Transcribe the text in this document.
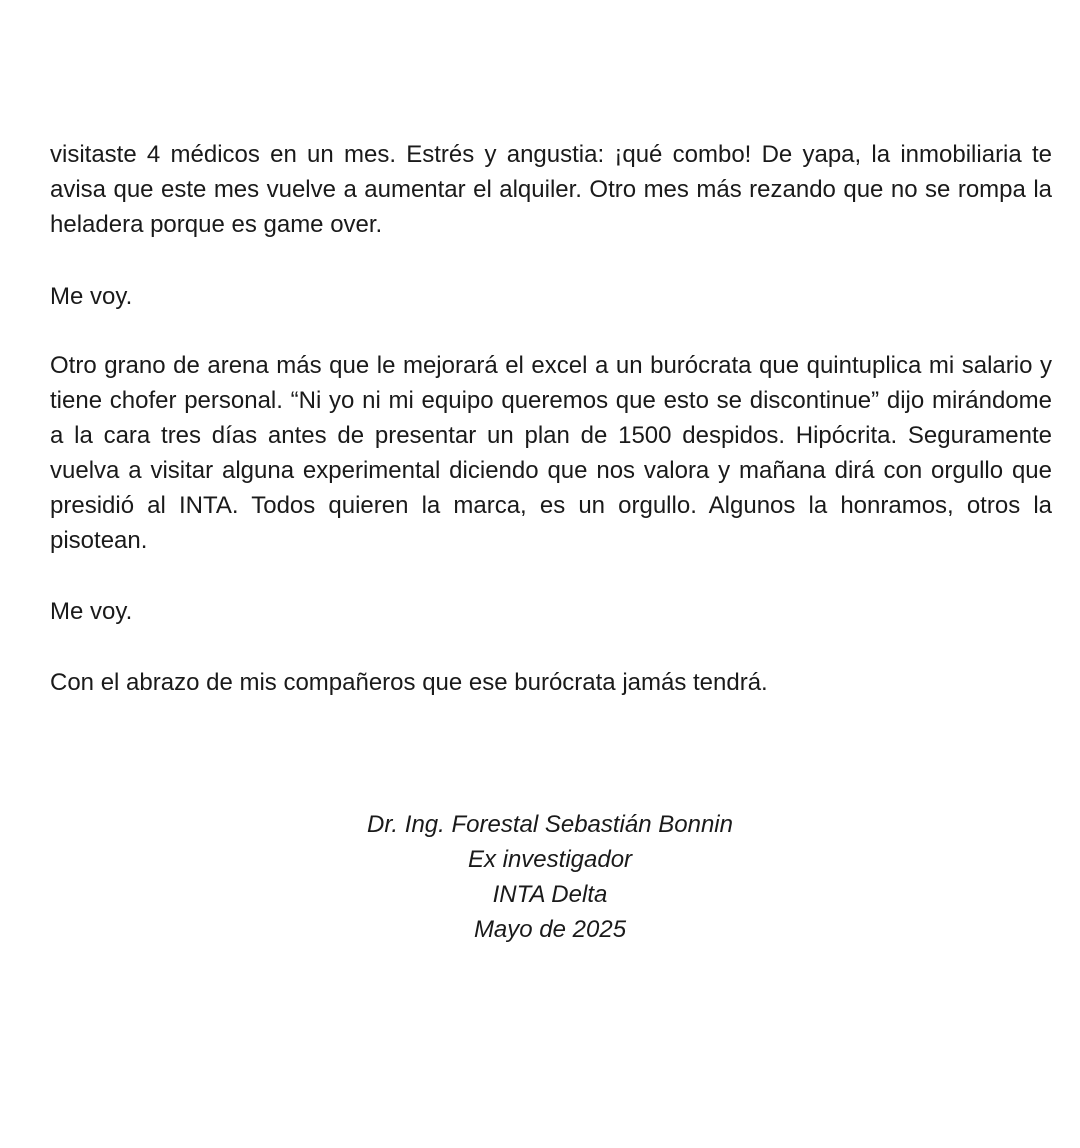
visitaste 4 médicos en un mes. Estrés y angustia: ¡qué combo! De yapa, la inmobiliaria te avisa que este mes vuelve a aumentar el alquiler. Otro mes más rezando que no se rompa la heladera porque es game over.

Me voy.

Otro grano de arena más que le mejorará el excel a un burócrata que quintuplica mi salario y tiene chofer personal. “Ni yo ni mi equipo queremos que esto se discontinue” dijo mirándome a la cara tres días antes de presentar un plan de 1500 despidos. Hipócrita. Seguramente vuelva a visitar alguna experimental diciendo que nos valora y mañana dirá con orgullo que presidió al INTA. Todos quieren la marca, es un orgullo. Algunos la honramos, otros la pisotean.

Me voy.

Con el abrazo de mis compañeros que ese burócrata jamás tendrá.

Dr. Ing. Forestal Sebastián Bonnin
Ex investigador
INTA Delta
Mayo de 2025
